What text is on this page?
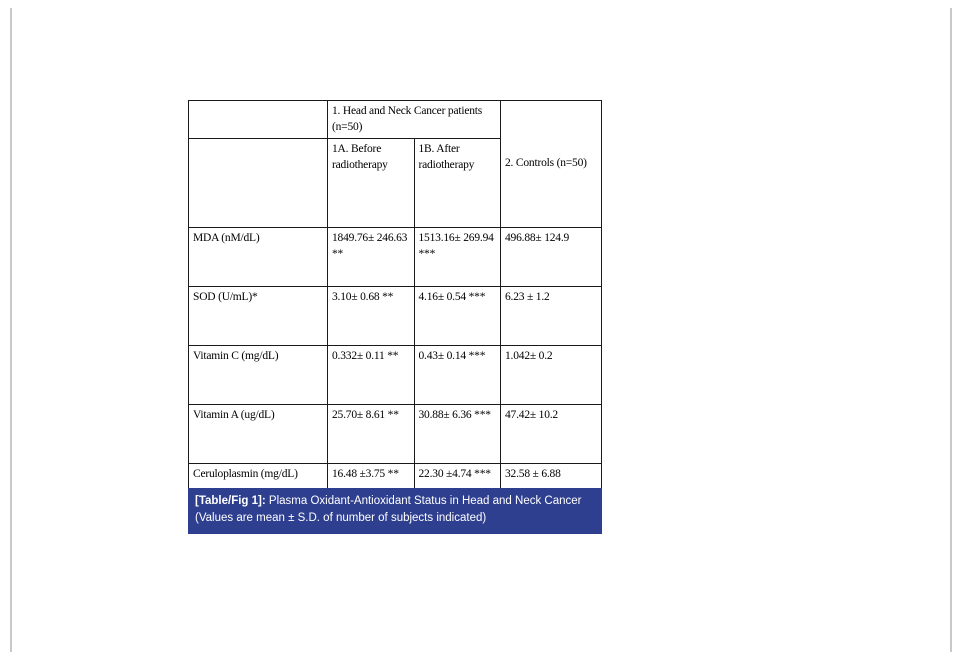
	1. Head and Neck Cancer patients (n=50)		2. Controls (n=50)
	1A. Before radiotherapy	1B. After radiotherapy	
MDA (nM/dL)	1849.76± 246.63 **	1513.16± 269.94 ***	496.88± 124.9
SOD (U/mL)*	3.10± 0.68 **	4.16± 0.54 ***	6.23 ± 1.2
Vitamin C (mg/dL)	0.332± 0.11 **	0.43± 0.14 ***	1.042± 0.2
Vitamin A (ug/dL)	25.70± 8.61 **	30.88± 6.36 ***	47.42± 10.2
Ceruloplasmin (mg/dL)	16.48 ±3.75 **	22.30 ±4.74 ***	32.58 ± 6.88
[Table/Fig 1]: Plasma Oxidant-Antioxidant Status in Head and Neck Cancer (Values are mean ± S.D. of number of subjects indicated)
